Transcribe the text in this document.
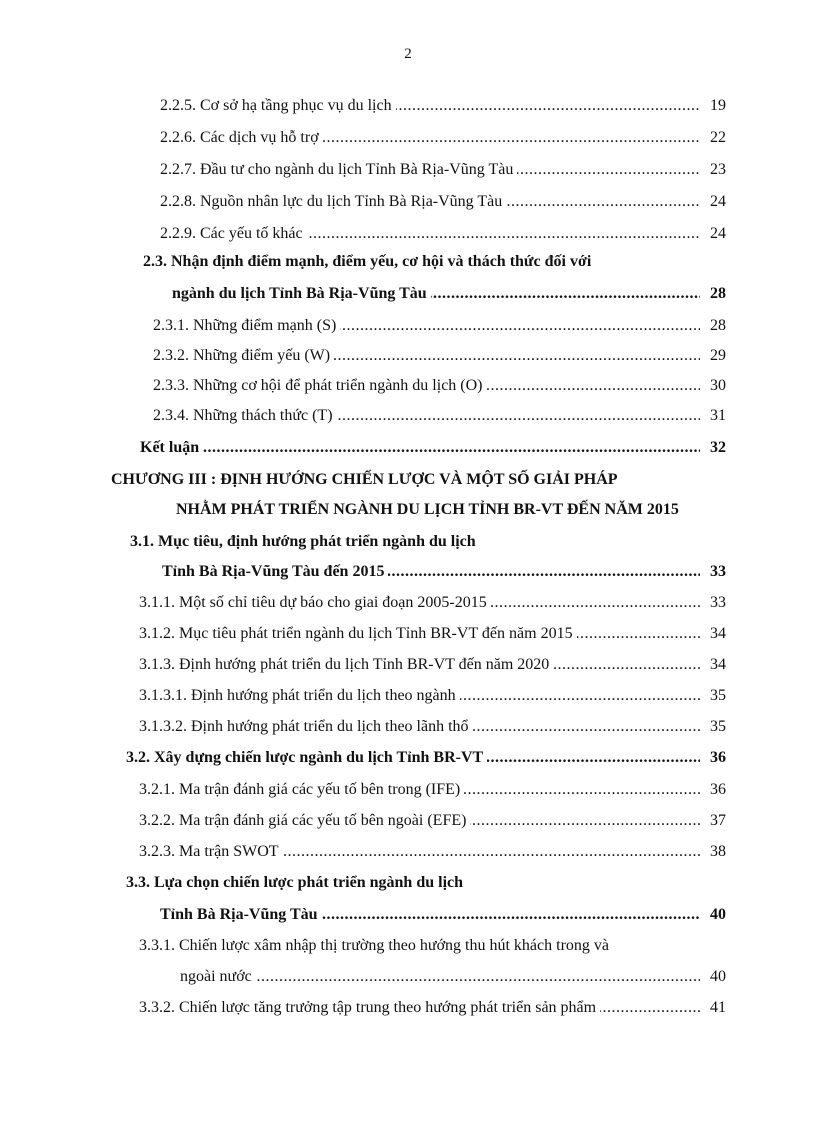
2
.....
2.2.5. Cơ sở hạ tầng phục vụ du lịch	19
.....
2.2.6. Các dịch vụ hỗ trợ	22
.....
2.2.7. Đầu tư cho ngành du lịch Tỉnh Bà Rịa-Vũng Tàu	23
.....
2.2.8. Nguồn nhân lực du lịch Tỉnh Bà Rịa-Vũng Tàu	24
.....
2.2.9. Các yếu tố khác	24
2.3. Nhận định điểm mạnh, điểm yếu, cơ hội và thách thức đối với
.....
ngành du lịch Tỉnh Bà Rịa-Vũng Tàu	28
.....
2.3.1. Những điểm mạnh (S)	28
.....
2.3.2. Những điểm yếu (W)	29
.....
2.3.3. Những cơ hội để phát triển ngành du lịch (O)	30
.....
2.3.4. Những thách thức (T)	31
.....
Kết luận	32
CHƯƠNG III : ĐỊNH HƯỚNG CHIẾN LƯỢC VÀ MỘT SỐ GIẢI PHÁP
NHẰM PHÁT TRIỂN NGÀNH DU LỊCH TỈNH BR-VT ĐẾN NĂM 2015
3.1. Mục tiêu, định hướng phát triển ngành du lịch
.....
Tỉnh Bà Rịa-Vũng Tàu đến 2015	33
.....
3.1.1. Một số chỉ tiêu dự báo cho giai đoạn 2005-2015	33
.....
3.1.2. Mục tiêu phát triển ngành du lịch Tỉnh BR-VT đến năm 2015	34
.....
3.1.3. Định hướng phát triển du lịch Tỉnh BR-VT đến năm 2020	34
.....
3.1.3.1. Định hướng phát triển du lịch theo ngành	35
.....
3.1.3.2. Định hướng phát triển du lịch theo lãnh thổ	35
.....
3.2. Xây dựng chiến lược ngành du lịch Tỉnh BR-VT	36
.....
3.2.1. Ma trận đánh giá các yếu tố bên trong (IFE)	36
.....
3.2.2. Ma trận đánh giá các yếu tố bên ngoài (EFE)	37
.....
3.2.3. Ma trận SWOT	38
3.3. Lựa chọn chiến lược phát triển ngành du lịch
.....
Tỉnh Bà Rịa-Vũng Tàu	40
3.3.1. Chiến lược xâm nhập thị trường theo hướng thu hút khách trong và
.....
ngoài nước	40
.....
3.3.2. Chiến lược tăng trưởng tập trung theo hướng phát triển sản phẩm	41
